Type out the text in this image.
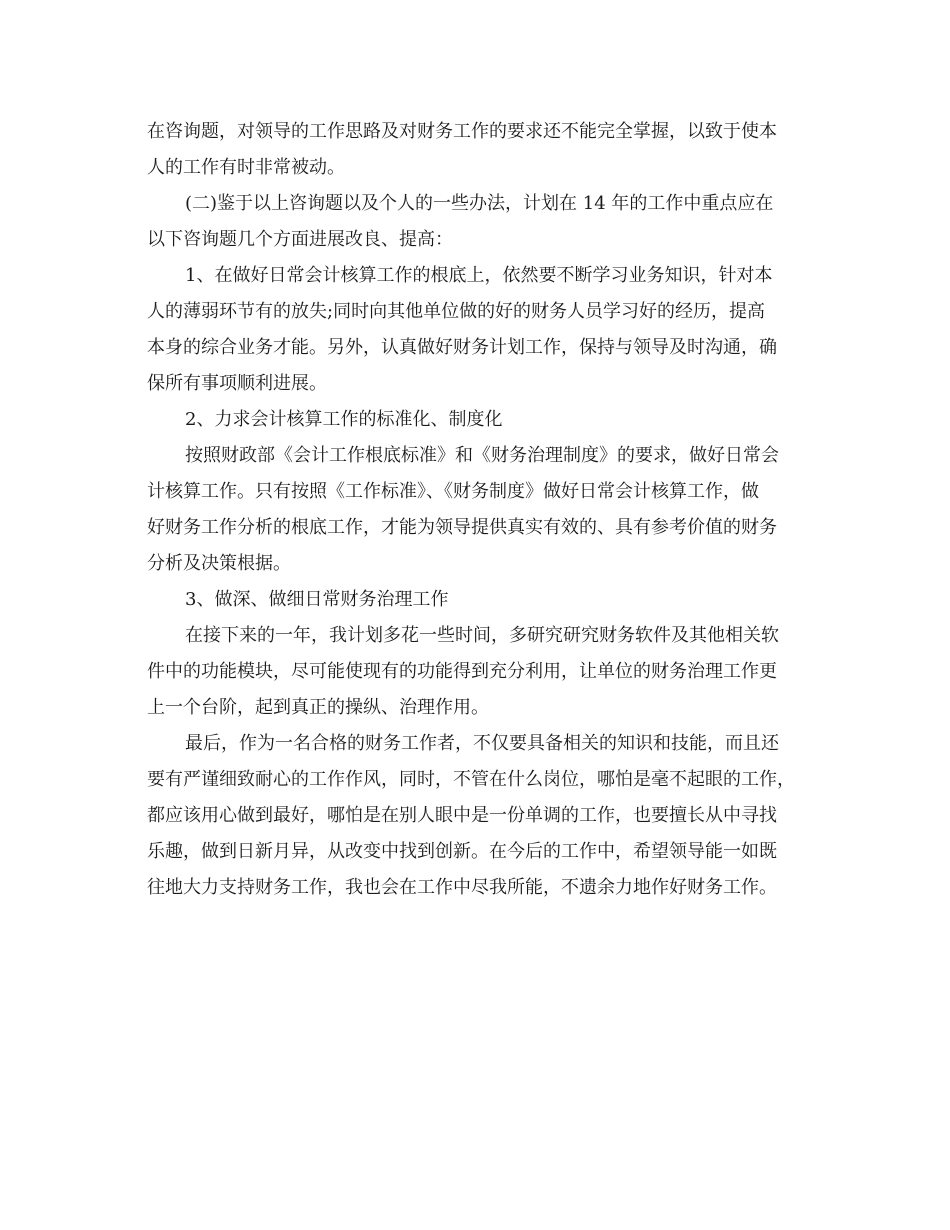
在咨询题，对领导的工作思路及对财务工作的要求还不能完全掌握，以致于使本
人的工作有时非常被动。
(二)鉴于以上咨询题以及个人的一些办法，计划在 14 年的工作中重点应在
以下咨询题几个方面进展改良、提高：
1、在做好日常会计核算工作的根底上，依然要不断学习业务知识，针对本
人的薄弱环节有的放失;同时向其他单位做的好的财务人员学习好的经历，提高
本身的综合业务才能。另外，认真做好财务计划工作，保持与领导及时沟通，确
保所有事项顺利进展。
2、力求会计核算工作的标准化、制度化
按照财政部《会计工作根底标准》和《财务治理制度》的要求，做好日常会
计核算工作。只有按照《工作标准》、《财务制度》做好日常会计核算工作，做
好财务工作分析的根底工作，才能为领导提供真实有效的、具有参考价值的财务
分析及决策根据。
3、做深、做细日常财务治理工作
在接下来的一年，我计划多花一些时间，多研究研究财务软件及其他相关软
件中的功能模块，尽可能使现有的功能得到充分利用，让单位的财务治理工作更
上一个台阶，起到真正的操纵、治理作用。
最后，作为一名合格的财务工作者，不仅要具备相关的知识和技能，而且还
要有严谨细致耐心的工作作风，同时，不管在什么岗位，哪怕是毫不起眼的工作，
都应该用心做到最好，哪怕是在别人眼中是一份单调的工作，也要擅长从中寻找
乐趣，做到日新月异，从改变中找到创新。在今后的工作中，希望领导能一如既
往地大力支持财务工作，我也会在工作中尽我所能，不遗余力地作好财务工作。
